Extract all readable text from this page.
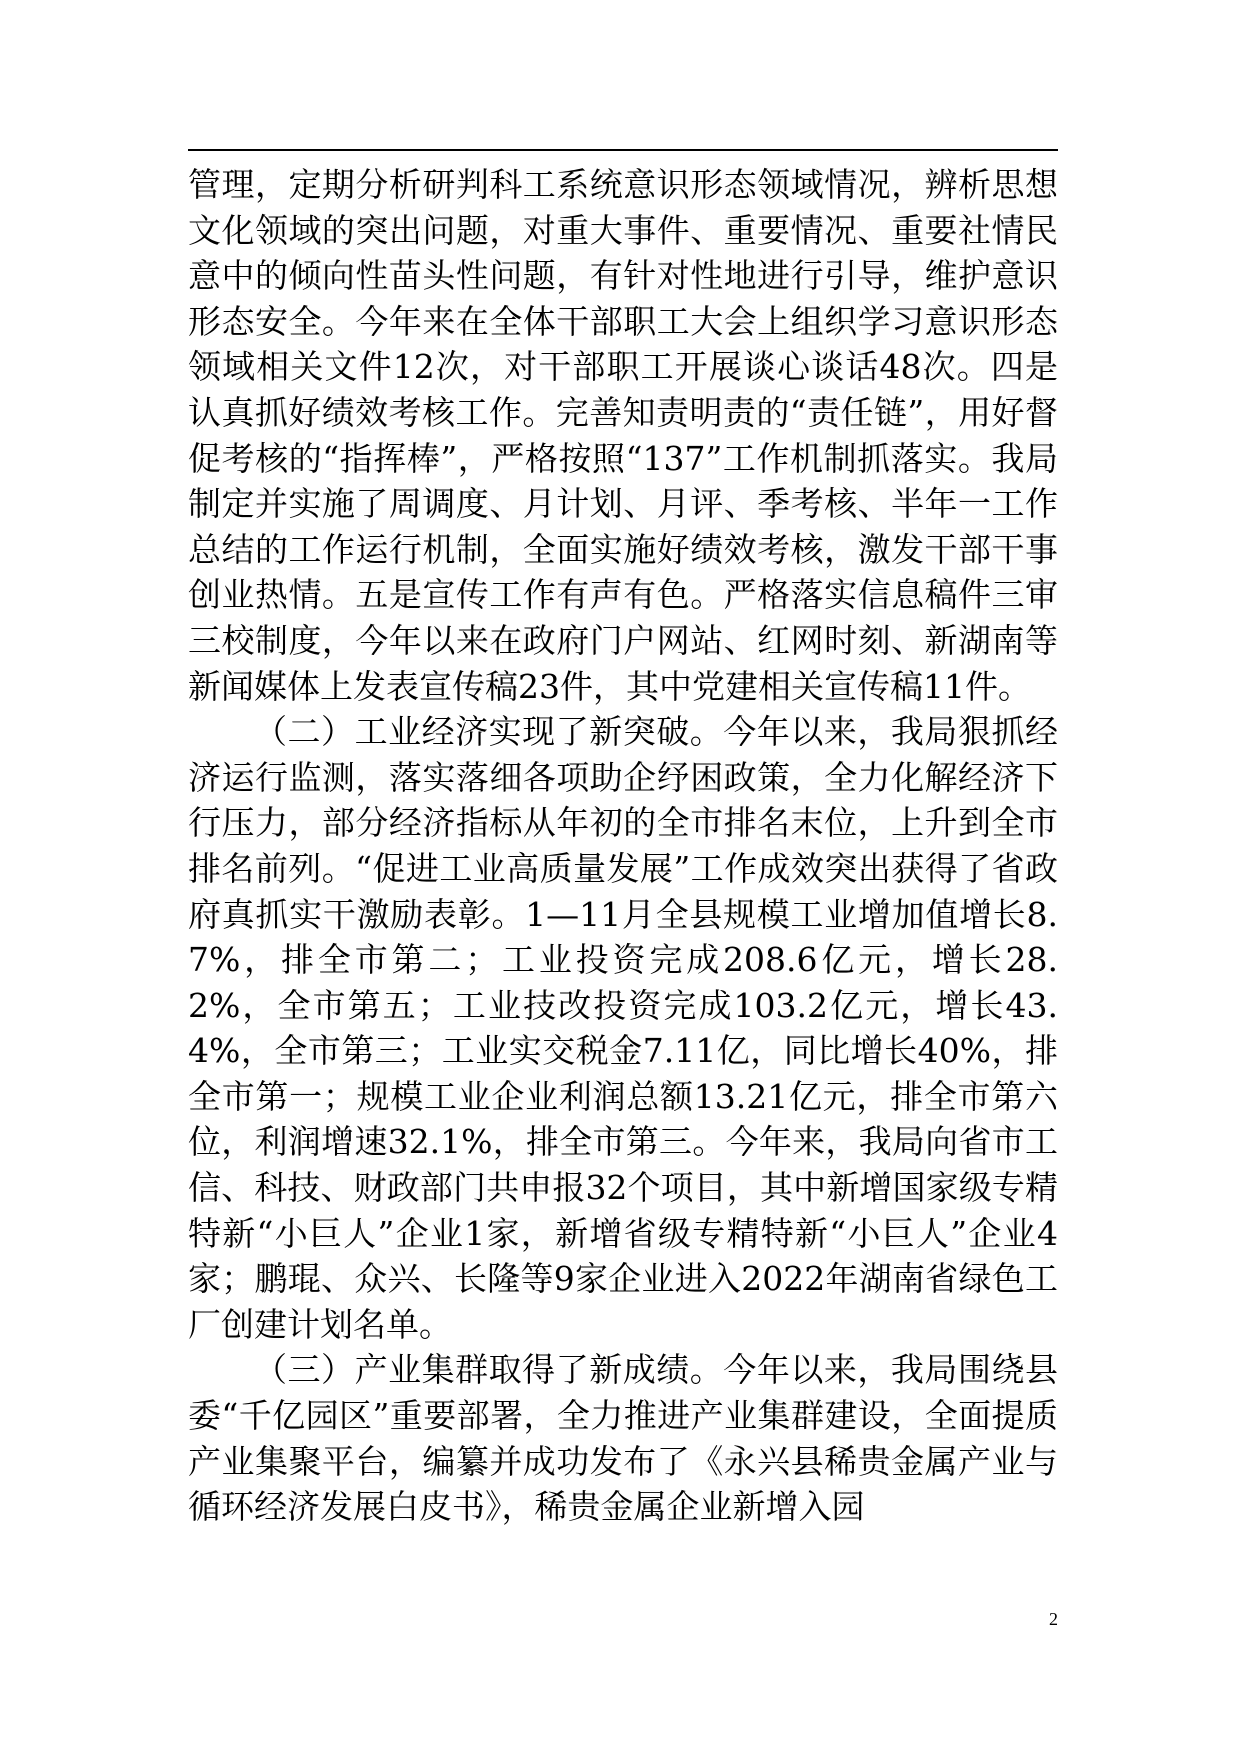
管理，定期分析研判科工系统意识形态领域情况，辨析思想文化领域的突出问题，对重大事件、重要情况、重要社情民意中的倾向性苗头性问题，有针对性地进行引导，维护意识形态安全。今年来在全体干部职工大会上组织学习意识形态领域相关文件12次，对干部职工开展谈心谈话48次。四是认真抓好绩效考核工作。完善知责明责的“责任链”，用好督促考核的“指挥棒”，严格按照“137”工作机制抓落实。我局制定并实施了周调度、月计划、月评、季考核、半年一工作总结的工作运行机制，全面实施好绩效考核，激发干部干事创业热情。五是宣传工作有声有色。严格落实信息稿件三审三校制度，今年以来在政府门户网站、红网时刻、新湖南等新闻媒体上发表宣传稿23件，其中党建相关宣传稿11件。

（二）工业经济实现了新突破。今年以来，我局狠抓经济运行监测，落实落细各项助企纾困政策，全力化解经济下行压力，部分经济指标从年初的全市排名末位，上升到全市排名前列。“促进工业高质量发展”工作成效突出获得了省政府真抓实干激励表彰。1—11月全县规模工业增加值增长8.7%，排全市第二；工业投资完成208.6亿元，增长28.2%，全市第五；工业技改投资完成103.2亿元，增长43.4%，全市第三；工业实交税金7.11亿，同比增长40%，排全市第一；规模工业企业利润总额13.21亿元，排全市第六位，利润增速32.1%，排全市第三。今年来，我局向省市工信、科技、财政部门共申报32个项目，其中新增国家级专精特新“小巨人”企业1家，新增省级专精特新“小巨人”企业4家；鹏琨、众兴、长隆等9家企业进入2022年湖南省绿色工厂创建计划名单。

（三）产业集群取得了新成绩。今年以来，我局围绕县委“千亿园区”重要部署，全力推进产业集群建设，全面提质产业集聚平台，编纂并成功发布了《永兴县稀贵金属产业与循环经济发展白皮书》，稀贵金属企业新增入园

2
